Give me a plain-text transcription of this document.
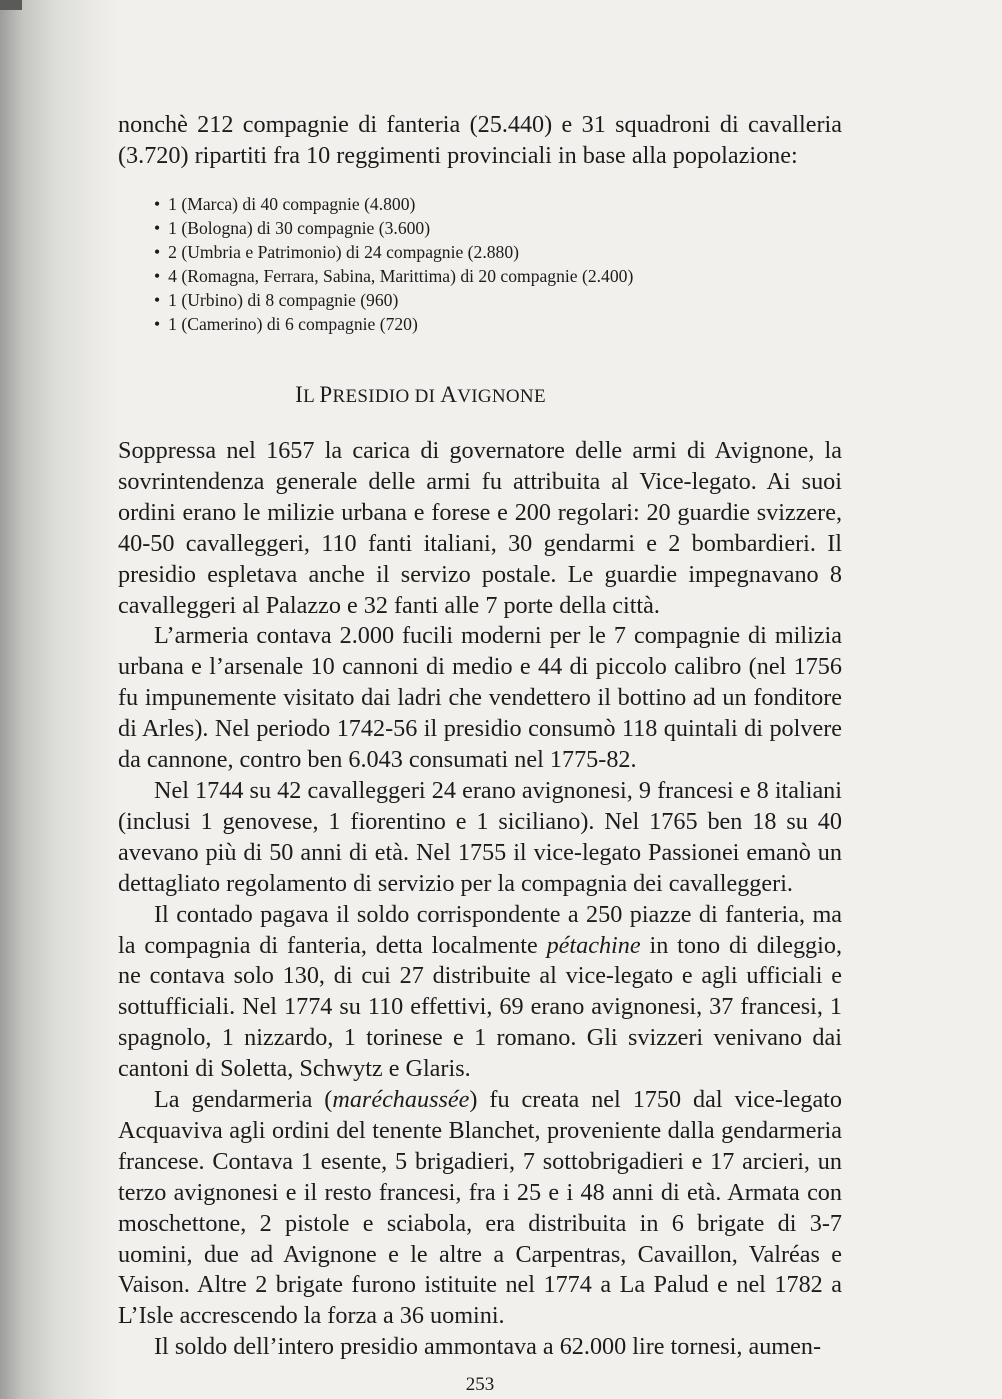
nonchè 212 compagnie di fanteria (25.440) e 31 squadroni di cavalleria (3.720) ripartiti fra 10 reggimenti provinciali in base alla popolazione:

• 1 (Marca) di 40 compagnie (4.800)
• 1 (Bologna) di 30 compagnie (3.600)
• 2 (Umbria e Patrimonio) di 24 compagnie (2.880)
• 4 (Romagna, Ferrara, Sabina, Marittima) di 20 compagnie (2.400)
• 1 (Urbino) di 8 compagnie (960)
• 1 (Camerino) di 6 compagnie (720)
IL PRESIDIO DI AVIGNONE

Soppressa nel 1657 la carica di governatore delle armi di Avignone, la sovrintendenza generale delle armi fu attribuita al Vice-legato. Ai suoi ordini erano le milizie urbana e forese e 200 regolari: 20 guardie svizzere, 40-50 cavalleggeri, 110 fanti italiani, 30 gendarmi e 2 bombardieri. Il presidio espletava anche il servizo postale. Le guardie impegnavano 8 cavalleggeri al Palazzo e 32 fanti alle 7 porte della città.

L’armeria contava 2.000 fucili moderni per le 7 compagnie di milizia urbana e l’arsenale 10 cannoni di medio e 44 di piccolo calibro (nel 1756 fu impunemente visitato dai ladri che vendettero il bottino ad un fonditore di Arles). Nel periodo 1742-56 il presidio consumò 118 quintali di polvere da cannone, contro ben 6.043 consumati nel 1775-82.

Nel 1744 su 42 cavalleggeri 24 erano avignonesi, 9 francesi e 8 italiani (inclusi 1 genovese, 1 fiorentino e 1 siciliano). Nel 1765 ben 18 su 40 avevano più di 50 anni di età. Nel 1755 il vice-legato Passionei emanò un dettagliato regolamento di servizio per la compagnia dei cavalleggeri.

Il contado pagava il soldo corrispondente a 250 piazze di fanteria, ma la compagnia di fanteria, detta localmente pétachine in tono di dileggio, ne contava solo 130, di cui 27 distribuite al vice-legato e agli ufficiali e sottufficiali. Nel 1774 su 110 effettivi, 69 erano avignonesi, 37 francesi, 1 spagnolo, 1 nizzardo, 1 torinese e 1 romano. Gli svizzeri venivano dai cantoni di Soletta, Schwytz e Glaris.

La gendarmeria (maréchaussée) fu creata nel 1750 dal vice-legato Acquaviva agli ordini del tenente Blanchet, proveniente dalla gendarmeria francese. Contava 1 esente, 5 brigadieri, 7 sottobrigadieri e 17 arcieri, un terzo avignonesi e il resto francesi, fra i 25 e i 48 anni di età. Armata con moschettone, 2 pistole e sciabola, era distribuita in 6 brigate di 3-7 uomini, due ad Avignone e le altre a Carpentras, Cavaillon, Valréas e Vaison. Altre 2 brigate furono istituite nel 1774 a La Palud e nel 1782 a L’Isle accrescendo la forza a 36 uomini.

Il soldo dell’intero presidio ammontava a 62.000 lire tornesi, aumen-

253
